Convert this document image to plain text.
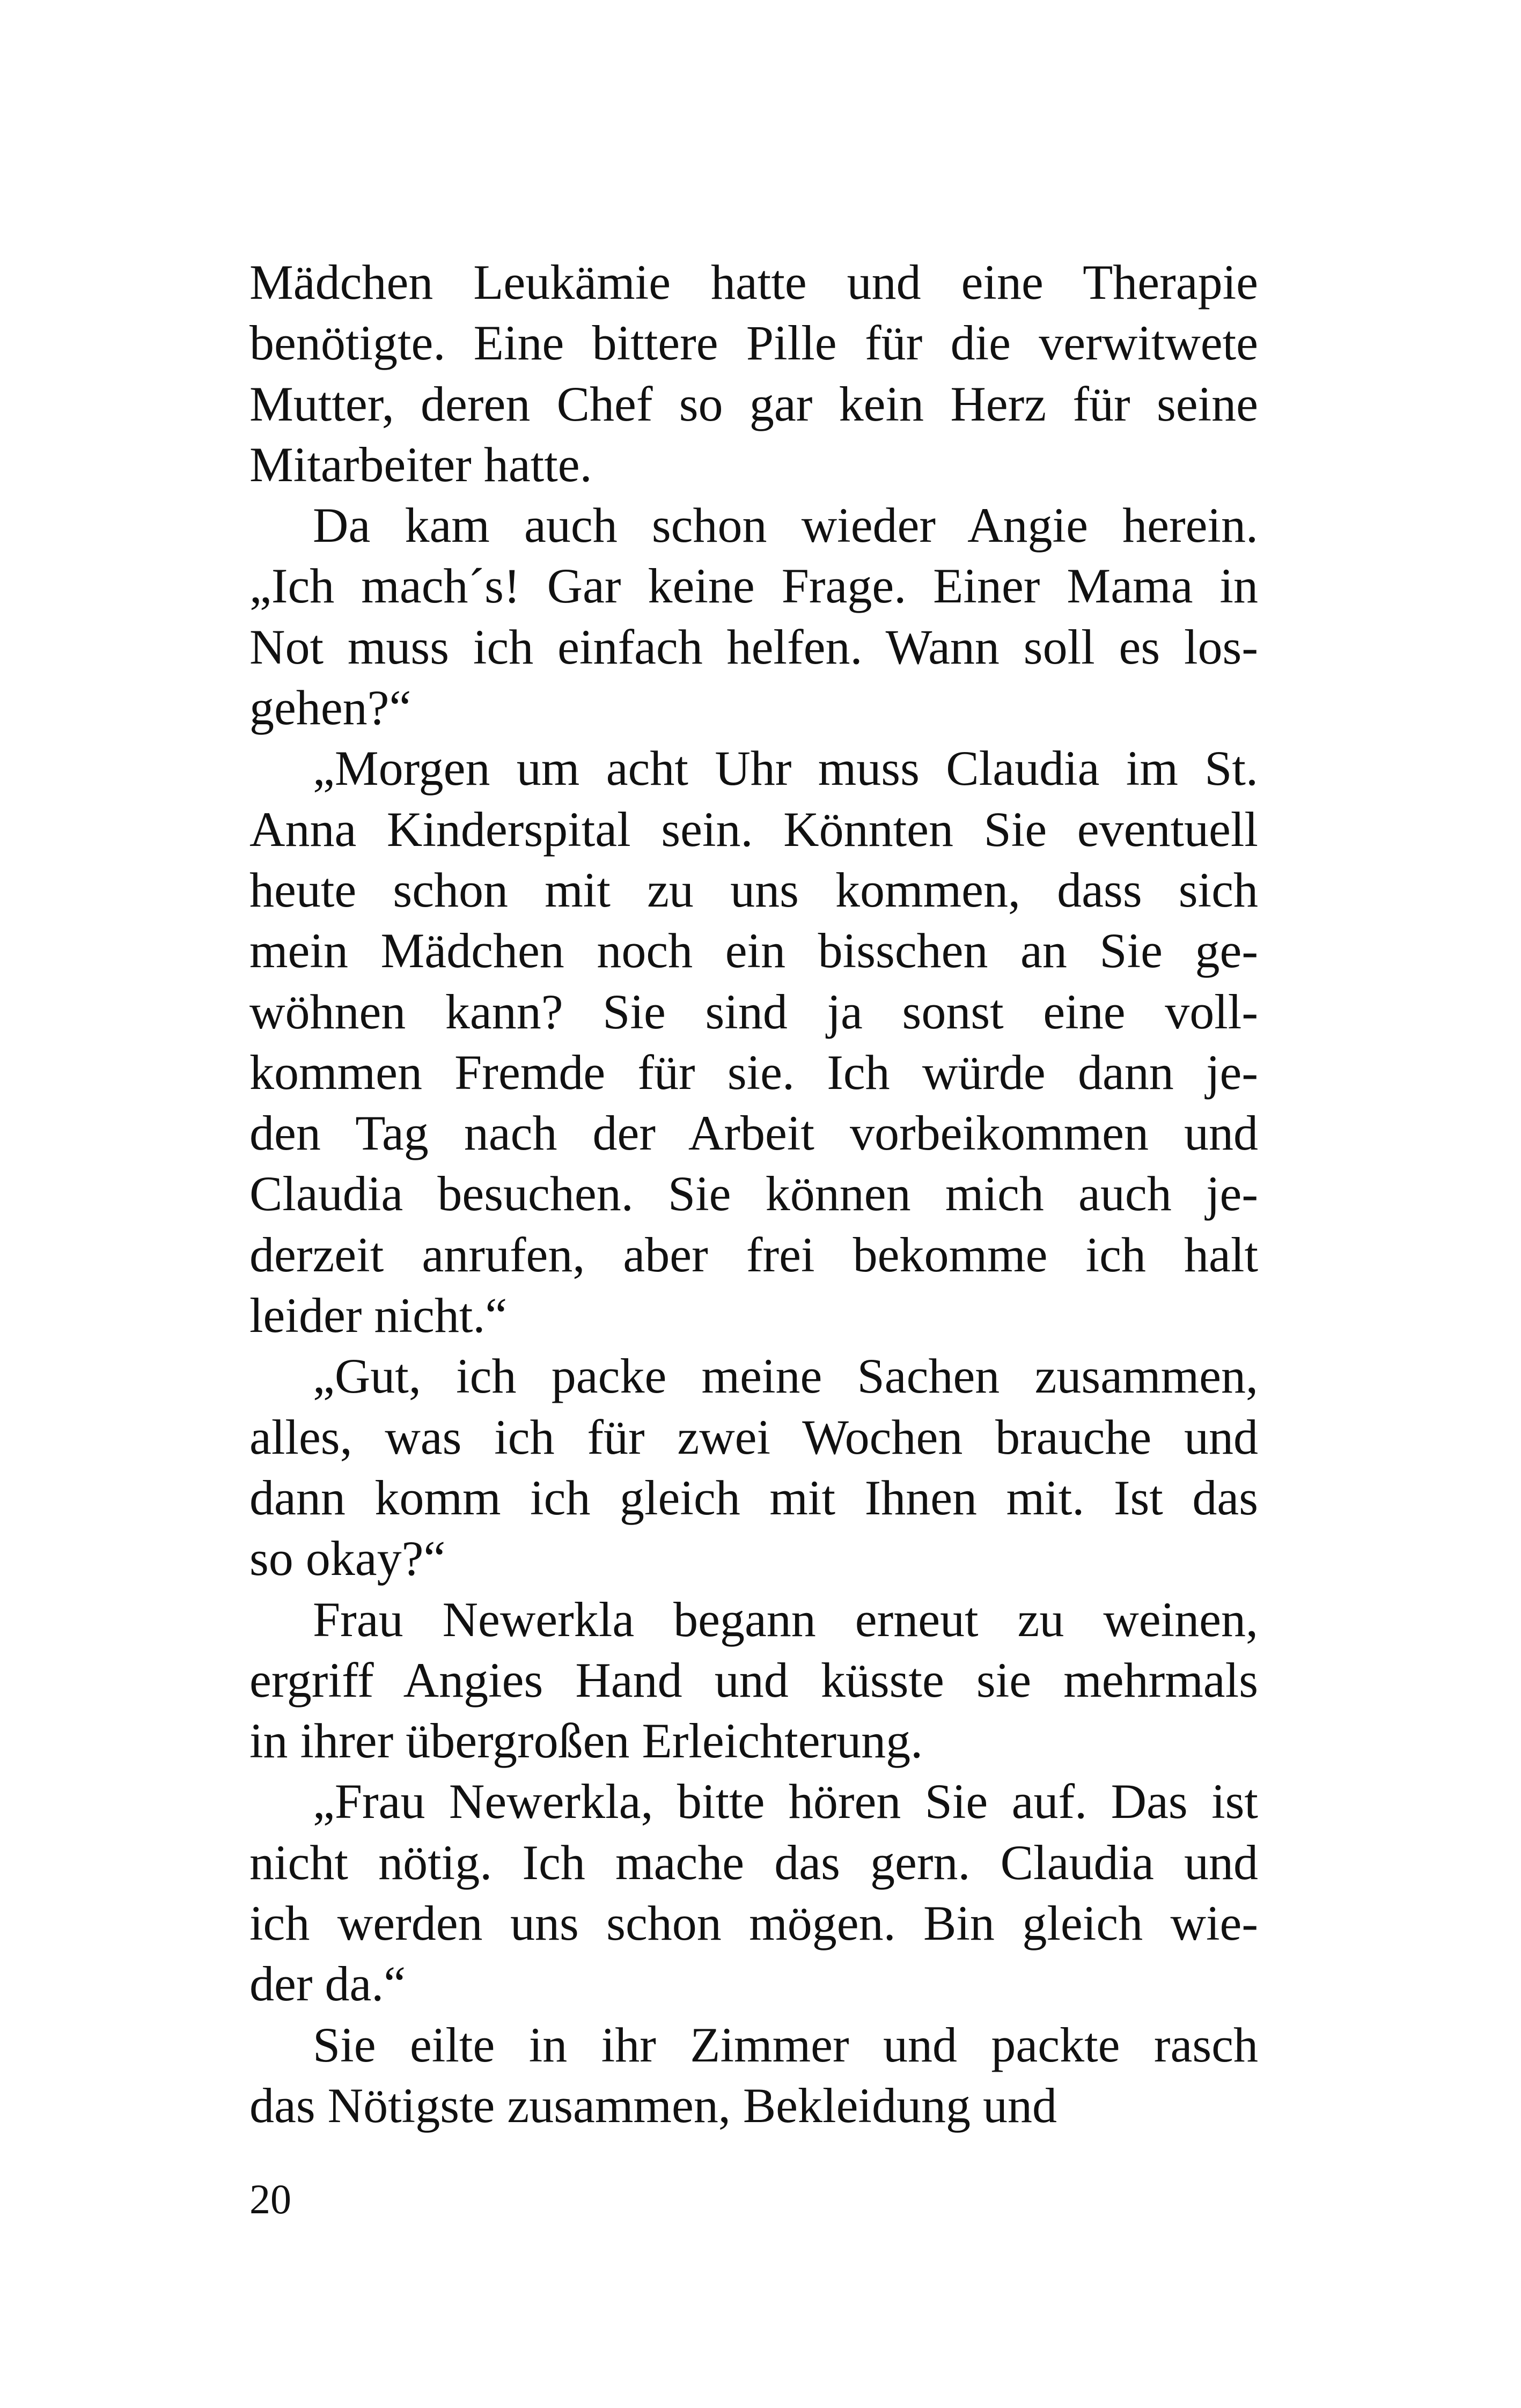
Mädchen Leukämie hatte und eine Therapie
benötigte. Eine bittere Pille für die verwitwete
Mutter, deren Chef so gar kein Herz für seine
Mitarbeiter hatte.
Da kam auch schon wieder Angie herein.
„Ich mach´s! Gar keine Frage. Einer Mama in
Not muss ich einfach helfen. Wann soll es los-
gehen?“
„Morgen um acht Uhr muss Claudia im St.
Anna Kinderspital sein. Könnten Sie eventuell
heute schon mit zu uns kommen, dass sich
mein Mädchen noch ein bisschen an Sie ge-
wöhnen kann? Sie sind ja sonst eine voll-
kommen Fremde für sie. Ich würde dann je-
den Tag nach der Arbeit vorbeikommen und
Claudia besuchen. Sie können mich auch je-
derzeit anrufen, aber frei bekomme ich halt
leider nicht.“
„Gut, ich packe meine Sachen zusammen,
alles, was ich für zwei Wochen brauche und
dann komm ich gleich mit Ihnen mit. Ist das
so okay?“
Frau Newerkla begann erneut zu weinen,
ergriff Angies Hand und küsste sie mehrmals
in ihrer übergroßen Erleichterung.
„Frau Newerkla, bitte hören Sie auf. Das ist
nicht nötig. Ich mache das gern. Claudia und
ich werden uns schon mögen. Bin gleich wie-
der da.“
Sie eilte in ihr Zimmer und packte rasch
das Nötigste zusammen, Bekleidung und
20
